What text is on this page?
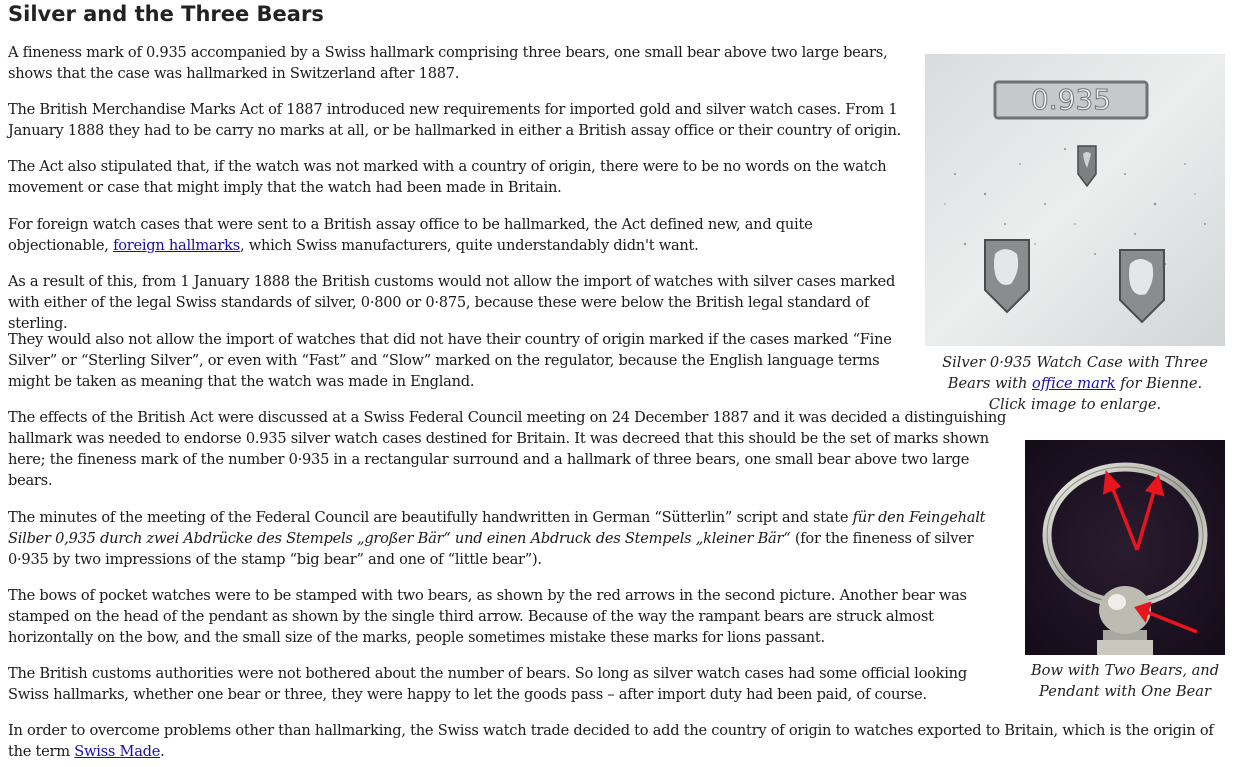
Silver and the Three Bears

A fineness mark of 0.935 accompanied by a Swiss hallmark comprising three bears, one small bear above two large bears, shows that the case was hallmarked in Switzerland after 1887.

The British Merchandise Marks Act of 1887 introduced new requirements for imported gold and silver watch cases. From 1 January 1888 they had to be carry no marks at all, or be hallmarked in either a British assay office or their country of origin.

The Act also stipulated that, if the watch was not marked with a country of origin, there were to be no words on the watch movement or case that might imply that the watch had been made in Britain.

For foreign watch cases that were sent to a British assay office to be hallmarked, the Act defined new, and quite objectionable, foreign hallmarks, which Swiss manufacturers, quite understandably didn't want.

As a result of this, from 1 January 1888 the British customs would not allow the import of watches with silver cases marked with either of the legal Swiss standards of silver, 0·800 or 0·875, because these were below the British legal standard of sterling.

They would also not allow the import of watches that did not have their country of origin marked if the cases marked “Fine Silver” or “Sterling Silver”, or even with “Fast” and “Slow” marked on the regulator, because the English language terms might be taken as meaning that the watch was made in England.

The effects of the British Act were discussed at a Swiss Federal Council meeting on 24 December 1887 and it was decided a distinguishing hallmark was needed to endorse 0.935 silver watch cases destined for Britain. It was decreed that this should be the set of marks shown here; the fineness mark of the number 0·935 in a rectangular surround and a hallmark of three bears, one small bear above two large bears.

The minutes of the meeting of the Federal Council are beautifully handwritten in German “Sütterlin” script and state für den Feingehalt Silber 0,935 durch zwei Abdrücke des Stempels „großer Bär“ und einen Abdruck des Stempels „kleiner Bär“ (for the fineness of silver 0·935 by two impressions of the stamp “big bear” and one of “little bear”).

The bows of pocket watches were to be stamped with two bears, as shown by the red arrows in the second picture. Another bear was stamped on the head of the pendant as shown by the single third arrow. Because of the way the rampant bears are struck almost horizontally on the bow, and the small size of the marks, people sometimes mistake these marks for lions passant.

The British customs authorities were not bothered about the number of bears. So long as silver watch cases had some official looking Swiss hallmarks, whether one bear or three, they were happy to let the goods pass – after import duty had been paid, of course.

In order to overcome problems other than hallmarking, the Swiss watch trade decided to add the country of origin to watches exported to Britain, which is the origin of the term Swiss Made.

0.935

Silver 0·935 Watch Case with Three Bears with office mark for Bienne.
Click image to enlarge.

Bow with Two Bears, and
Pendant with One Bear
